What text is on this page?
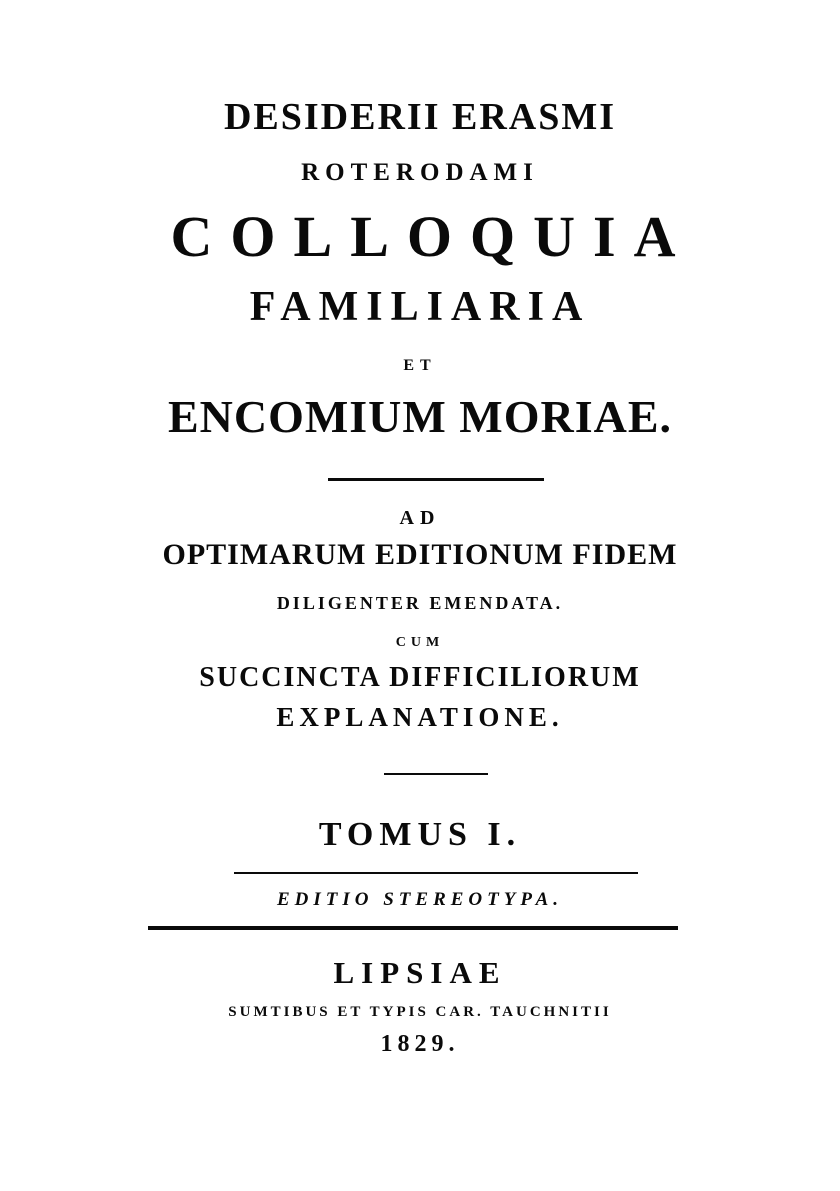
DESIDERII ERASMI
ROTERODAMI
COLLOQUIA
FAMILIARIA
ET
ENCOMIUM MORIAE.
AD
OPTIMARUM EDITIONUM FIDEM
DILIGENTER EMENDATA.
CUM
SUCCINCTA DIFFICILIORUM
EXPLANATIONE.
TOMUS I.
EDITIO STEREOTYPA.
LIPSIAE
SUMTIBUS ET TYPIS CAR. TAUCHNITII
1829.
